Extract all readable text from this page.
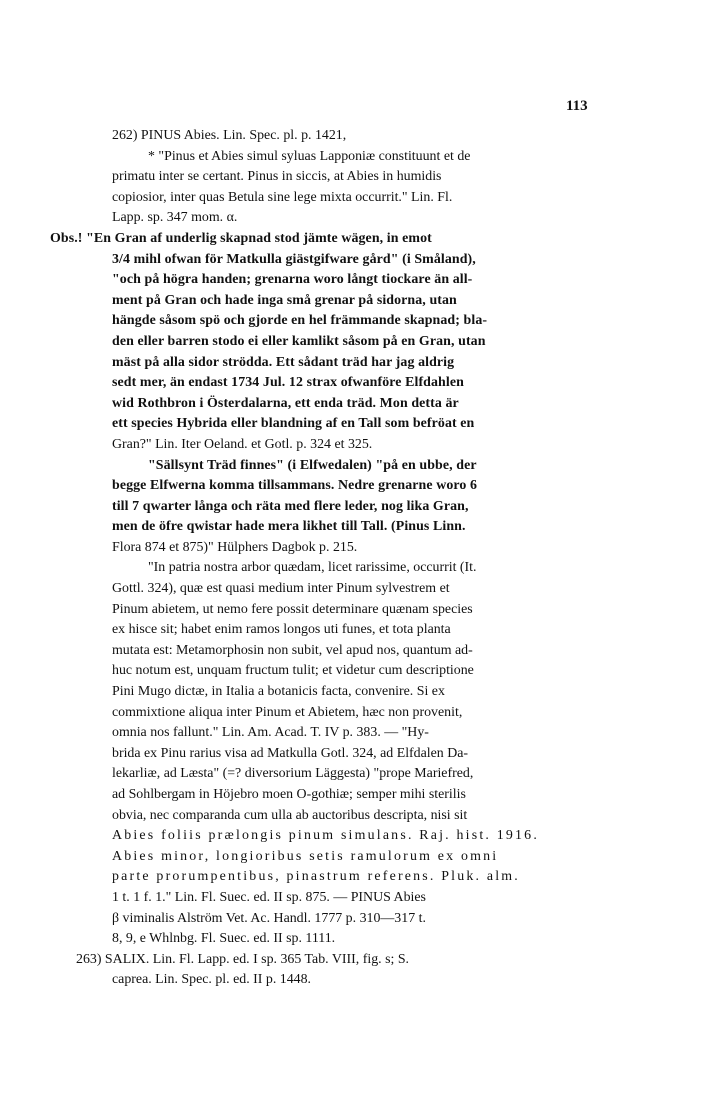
113
262) PINUS Abies. Lin. Spec. pl. p. 1421,
* "Pinus et Abies simul syluas Lapponiæ constituunt et de
primatu inter se certant. Pinus in siccis, at Abies in humidis
copiosior, inter quas Betula sine lege mixta occurrit." Lin. Fl.
Lapp. sp. 347 mom. α.
Obs.! "En Gran af underlig skapnad stod jämte wägen, in emot
3/4 mihl ofwan för Matkulla giästgifware gård" (i Småland),
"och på högra handen; grenarna woro långt tiockare än all-
ment på Gran och hade inga små grenar på sidorna, utan
hängde såsom spö och gjorde en hel främmande skapnad; bla-
den eller barren stodo ei eller kamlikt såsom på en Gran, utan
mäst på alla sidor ströddа. Ett sådant träd har jag aldrig
sedt mer, än endast 1734 Jul. 12 strax ofwanföre Elfdahlen
wid Rothbron i Österdalarna, ett enda träd. Mon detta är
ett species Hybrida eller blandning af en Tall som befröat en
Gran?" Lin. Iter Oeland. et Gotl. p. 324 et 325.
"Sällsynt Träd finnes" (i Elfwedalen) "på en ubbe, der
begge Elfwerna komma tillsammans. Nedre grenarne woro 6
till 7 qwarter långa och räta med flere leder, nog lika Gran,
men de öfre qwistar hade mera likhet till Tall. (Pinus Linn.
Flora 874 et 875)" Hülphers Dagbok p. 215.
"In patria nostra arbor quædam, licet rarissime, occurrit (It.
Gottl. 324), quæ est quasi medium inter Pinum sylvestrem et
Pinum abietem, ut nemo fere possit determinare quænam species
ex hisce sit; habet enim ramos longos uti funes, et tota planta
mutata est: Metamorphosin non subit, vel apud nos, quantum ad-
huc notum est, unquam fructum tulit; et videtur cum descriptione
Pini Mugo dictæ, in Italia a botanicis facta, convenire. Si ex
commixtione aliqua inter Pinum et Abietem, hæc non provenit,
omnia nos fallunt." Lin. Am. Acad. T. IV p. 383. — "Hy-
brida ex Pinu rarius visa ad Matkulla Gotl. 324, ad Elfdalen Da-
lekarliæ, ad Læsta" (=? diversorium Läggesta) "prope Mariefred,
ad Sohlbergam in Höjebro moen O-gothiæ; semper mihi sterilis
obvia, nec comparanda cum ulla ab auctoribus descripta, nisi sit
Abies foliis prælongis pinum simulans. Raj. hist. 1916.
Abies minor, longioribus setis ramulorum ex omni
parte prorumpentibus, pinastrum referens. Pluk. alm.
1 t. 1 f. 1." Lin. Fl. Suec. ed. II sp. 875. — PINUS Abies
β viminalis Alström Vet. Ac. Handl. 1777 p. 310—317 t.
8, 9, e Whlnbg. Fl. Suec. ed. II sp. 1111.
263) SALIX. Lin. Fl. Lapp. ed. I sp. 365 Tab. VIII, fig. s; S.
caprea. Lin. Spec. pl. ed. II p. 1448.
